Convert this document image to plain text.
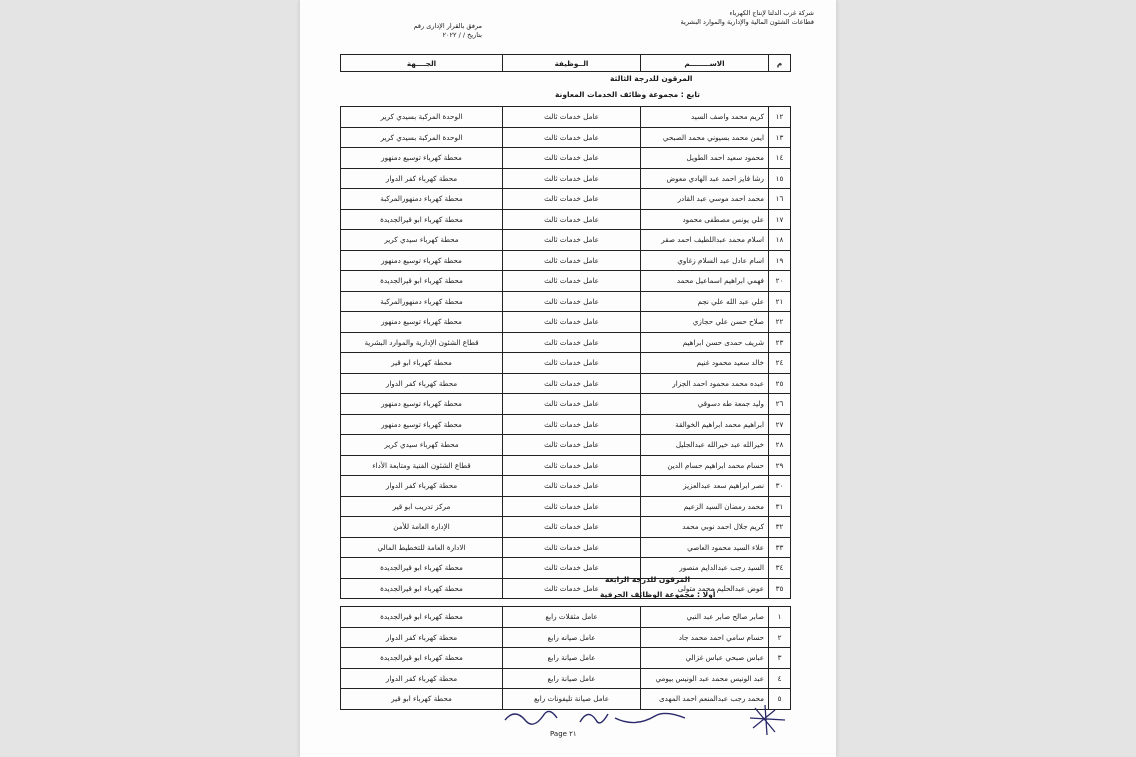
شركة غرب الدلتا لإنتاج الكهرباء
قطاعات الشئون المالية والإدارية والموارد البشرية
مرفق بالقرار الإدارى رقم
بتاريخ / / ٢٠٢٢
م	الاســــــــم	الــوظيفة	الجــــهة
المرقون للدرجة الثالثة
تابع : مجموعة وظائف الخدمات المعاونة
١٢	كريم محمد واصف السيد	عامل خدمات ثالث	الوحدة المركبة بسيدي كرير
١٣	ايمن محمد بسيوني محمد الصبحي	عامل خدمات ثالث	الوحدة المركبة بسيدي كرير
١٤	محمود سعيد احمد الطويل	عامل خدمات ثالث	محطة كهرباء توسيع دمنهور
١٥	رشا فايز احمد عبد الهادي معوض	عامل خدمات ثالث	محطة كهرباء كفر الدوار
١٦	محمد احمد موسي عبد القادر	عامل خدمات ثالث	محطة كهرباء دمنهورالمركبة
١٧	علي يونس مصطفى محمود	عامل خدمات ثالث	محطة كهرباء ابو قيرالجديدة
١٨	اسلام محمد عبداللطيف احمد صقر	عامل خدمات ثالث	محطة كهرباء سيدي كرير
١٩	اسام عادل عبد السلام زغاوي	عامل خدمات ثالث	محطة كهرباء توسيع دمنهور
٢٠	فهمي ابراهيم اسماعيل محمد	عامل خدمات ثالث	محطة كهرباء ابو قيرالجديدة
٢١	علي عبد الله علي نجم	عامل خدمات ثالث	محطة كهرباء دمنهورالمركبة
٢٢	صلاح حسن علي حجازي	عامل خدمات ثالث	محطة كهرباء توسيع دمنهور
٢٣	شريف حمدى حسن ابراهيم	عامل خدمات ثالث	قطاع الشئون الإدارية والموارد البشرية
٢٤	خالد سعيد محمود غنيم	عامل خدمات ثالث	محطة كهرباء ابو قير
٢٥	عبده محمد محمود احمد الجزار	عامل خدمات ثالث	محطة كهرباء كفر الدوار
٢٦	وليد جمعة طه دسوقي	عامل خدمات ثالث	محطة كهرباء توسيع دمنهور
٢٧	ابراهيم محمد ابراهيم الخوالقة	عامل خدمات ثالث	محطة كهرباء توسيع دمنهور
٢٨	خيرالله عبد خيرالله عبدالجليل	عامل خدمات ثالث	محطة كهرباء سيدي كرير
٢٩	حسام محمد ابراهيم حسام الدين	عامل خدمات ثالث	قطاع الشئون الفنية ومتابعة الأداء
٣٠	نصر ابراهيم سعد عبدالعزيز	عامل خدمات ثالث	محطة كهرباء كفر الدوار
٣١	محمد رمضان السيد الزعيم	عامل خدمات ثالث	مركز تدريب ابو قير
٣٢	كريم جلال احمد نوبي محمد	عامل خدمات ثالث	الإدارة العامة للأمن
٣٣	علاء السيد محمود العاصي	عامل خدمات ثالث	الادارة العامة للتخطيط المالي
٣٤	السيد رجب عبدالدايم منصور	عامل خدمات ثالث	محطة كهرباء ابو قيرالجديدة
٣٥	عوض عبدالحليم محمد متولى	عامل خدمات ثالث	محطة كهرباء ابو قيرالجديدة
المرقون للدرجة الرابعة
أولا : مجموعة الوظائف الحرفية
١	صابر صالح صابر عبد النبي	عامل مثقلات رابع	محطة كهرباء ابو قيرالجديدة
٢	حسام سامي احمد محمد جاد	عامل صيانه رابع	محطة كهرباء كفر الدوار
٣	عباس صبحي عباس غزالي	عامل صيانة رابع	محطة كهرباء ابو قيرالجديدة
٤	عبد الونيس محمد عبد الونيس بيومي	عامل صيانة رابع	محطة كهرباء كفر الدوار
٥	محمد رجب عبدالمنعم احمد المهدى	عامل صيانة تليفونات رابع	محطة كهرباء ابو قير
Page ٢١
